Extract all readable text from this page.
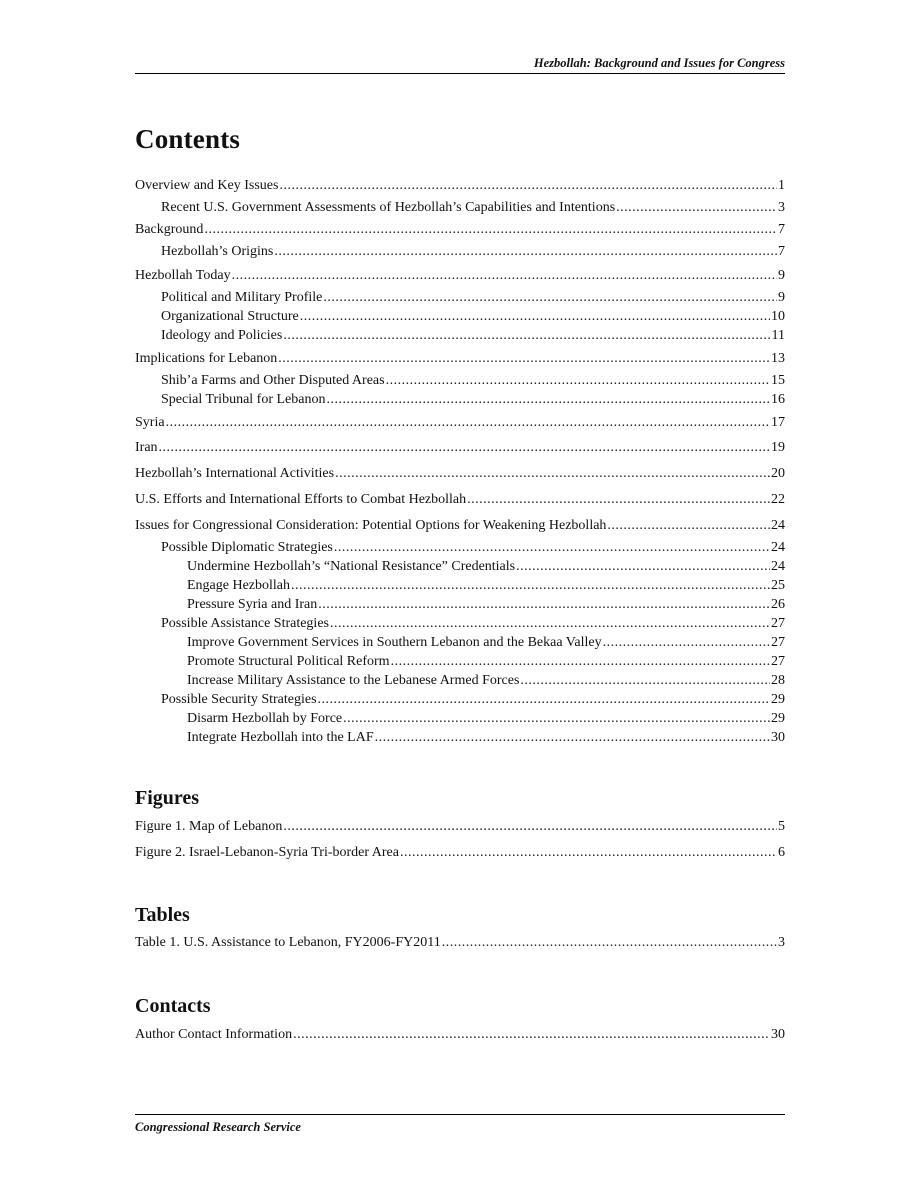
Hezbollah: Background and Issues for Congress
Contents
Overview and Key Issues .....	1
Recent U.S. Government Assessments of Hezbollah’s Capabilities and Intentions .....	3
Background .....	7
Hezbollah’s Origins .....	7
Hezbollah Today .....	9
Political and Military Profile .....	9
Organizational Structure .....	10
Ideology and Policies .....	11
Implications for Lebanon .....	13
Shib’a Farms and Other Disputed Areas .....	15
Special Tribunal for Lebanon .....	16
Syria .....	17
Iran .....	19
Hezbollah’s International Activities .....	20
U.S. Efforts and International Efforts to Combat Hezbollah .....	22
Issues for Congressional Consideration: Potential Options for Weakening Hezbollah .....	24
Possible Diplomatic Strategies .....	24
Undermine Hezbollah’s “National Resistance” Credentials .....	24
Engage Hezbollah .....	25
Pressure Syria and Iran .....	26
Possible Assistance Strategies .....	27
Improve Government Services in Southern Lebanon and the Bekaa Valley .....	27
Promote Structural Political Reform .....	27
Increase Military Assistance to the Lebanese Armed Forces .....	28
Possible Security Strategies .....	29
Disarm Hezbollah by Force .....	29
Integrate Hezbollah into the LAF .....	30
Figures
Figure 1. Map of Lebanon .....	5
Figure 2. Israel-Lebanon-Syria Tri-border Area .....	6
Tables
Table 1. U.S. Assistance to Lebanon, FY2006-FY2011 .....	3
Contacts
Author Contact Information .....	30
Congressional Research Service
